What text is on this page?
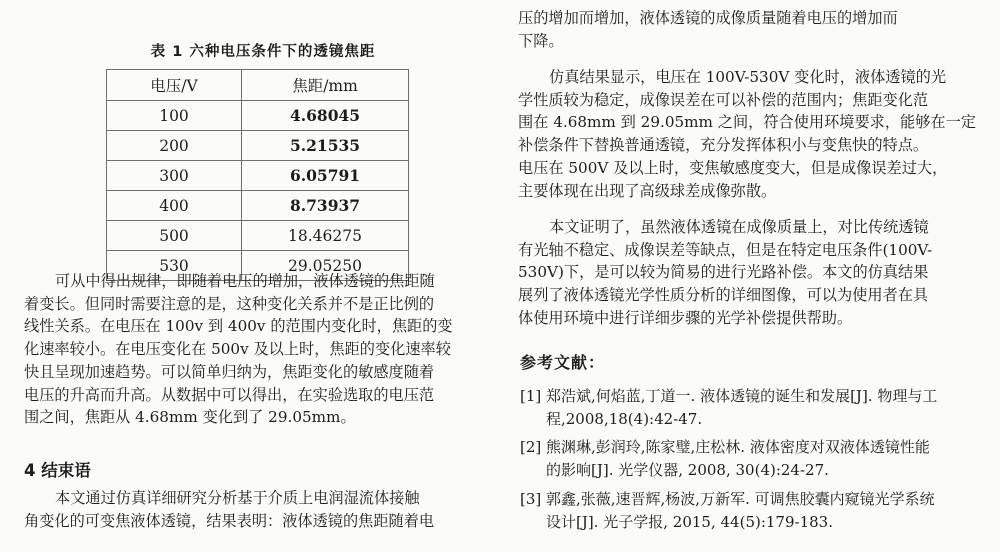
表 1 六种电压条件下的透镜焦距
电压/V	焦距/mm
100	4.68045
200	5.21535
300	6.05791
400	8.73937
500	18.46275
530	29.05250
可从中得出规律，即随着电压的增加，液体透镜的焦距随
着变长。但同时需要注意的是，这种变化关系并不是正比例的
线性关系。在电压在 100v 到 400v 的范围内变化时，焦距的变
化速率较小。在电压变化在 500v 及以上时，焦距的变化速率较
快且呈现加速趋势。可以简单归纳为，焦距变化的敏感度随着
电压的升高而升高。从数据中可以得出，在实验选取的电压范
围之间，焦距从 4.68mm 变化到了 29.05mm。
4 结束语
本文通过仿真详细研究分析基于介质上电润湿流体接触
角变化的可变焦液体透镜，结果表明：液体透镜的焦距随着电
压的增加而增加，液体透镜的成像质量随着电压的增加而
下降。
仿真结果显示，电压在 100V-530V 变化时，液体透镜的光
学性质较为稳定，成像误差在可以补偿的范围内；焦距变化范
围在 4.68mm 到 29.05mm 之间，符合使用环境要求，能够在一定
补偿条件下替换普通透镜，充分发挥体积小与变焦快的特点。
电压在 500V 及以上时，变焦敏感度变大，但是成像误差过大，
主要体现在出现了高级球差成像弥散。
本文证明了，虽然液体透镜在成像质量上，对比传统透镜
有光轴不稳定、成像误差等缺点，但是在特定电压条件(100V-
530V)下，是可以较为简易的进行光路补偿。本文的仿真结果
展列了液体透镜光学性质分析的详细图像，可以为使用者在具
体使用环境中进行详细步骤的光学补偿提供帮助。
参考文献：
[1] 郑浩斌,何焰蓝,丁道一. 液体透镜的诞生和发展[J]. 物理与工
程,2008,18(4):42-47.
[2] 熊渊琳,彭润玲,陈家璧,庄松林. 液体密度对双液体透镜性能
的影响[J]. 光学仪器, 2008, 30(4):24-27.
[3] 郭鑫,张薇,速晋辉,杨波,万新军. 可调焦胶囊内窥镜光学系统
设计[J]. 光子学报, 2015, 44(5):179-183.
